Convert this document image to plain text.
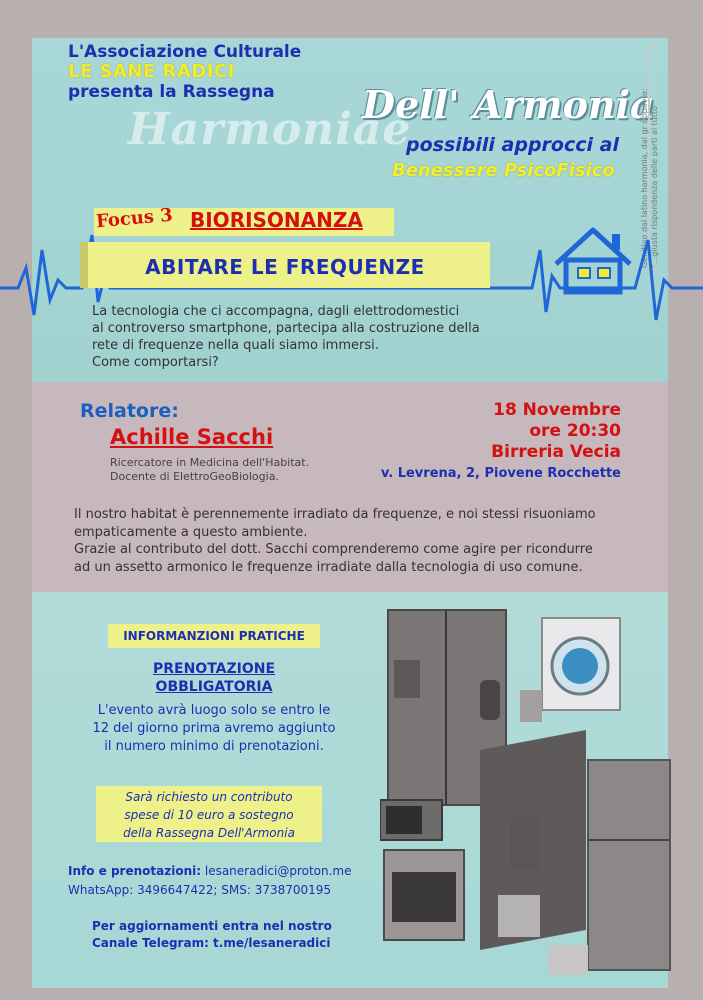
L'Associazione Culturale
LE SANE RADICI
presenta la Rassegna
Harmoniae
Dell' Armonia
possibili approcci al
Benessere PsicoFisico	Genitivo dal latino harmonia, dal gr ἁρμονία:
"...giusta rispondenza delle parti al tutto"
Focus 3 BIORISONANZA
ABITARE LE FREQUENZE
La tecnologia che ci accompagna, dagli elettrodomestici
al controverso smartphone, partecipa alla costruzione della
rete di frequenze nella quali siamo immersi.
Come comportarsi?
Relatore:
Achille Sacchi
Ricercatore in Medicina dell'Habitat.
Docente di ElettroGeoBiologia.
18 Novembre
ore 20:30
Birreria Vecia
v. Levrena, 2, Piovene Rocchette
Il nostro habitat è perennemente irradiato da frequenze, e noi stessi risuoniamo
empaticamente a questo ambiente.
Grazie al contributo del dott. Sacchi comprenderemo come agire per ricondurre
ad un assetto armonico le frequenze irradiate dalla tecnologia di uso comune.
INFORMANZIONI PRATICHE
PRENOTAZIONE
OBBLIGATORIA
L'evento avrà luogo solo se entro le
12 del giorno prima avremo aggiunto
il numero minimo di prenotazioni.
Sarà richiesto un contributo
spese di 10 euro a sostegno
della Rassegna Dell'Armonia
Info e prenotazioni: lesaneradici@proton.me
WhatsApp: 3496647422; SMS: 3738700195
Per aggiornamenti entra nel nostro
Canale Telegram: t.me/lesaneradici
